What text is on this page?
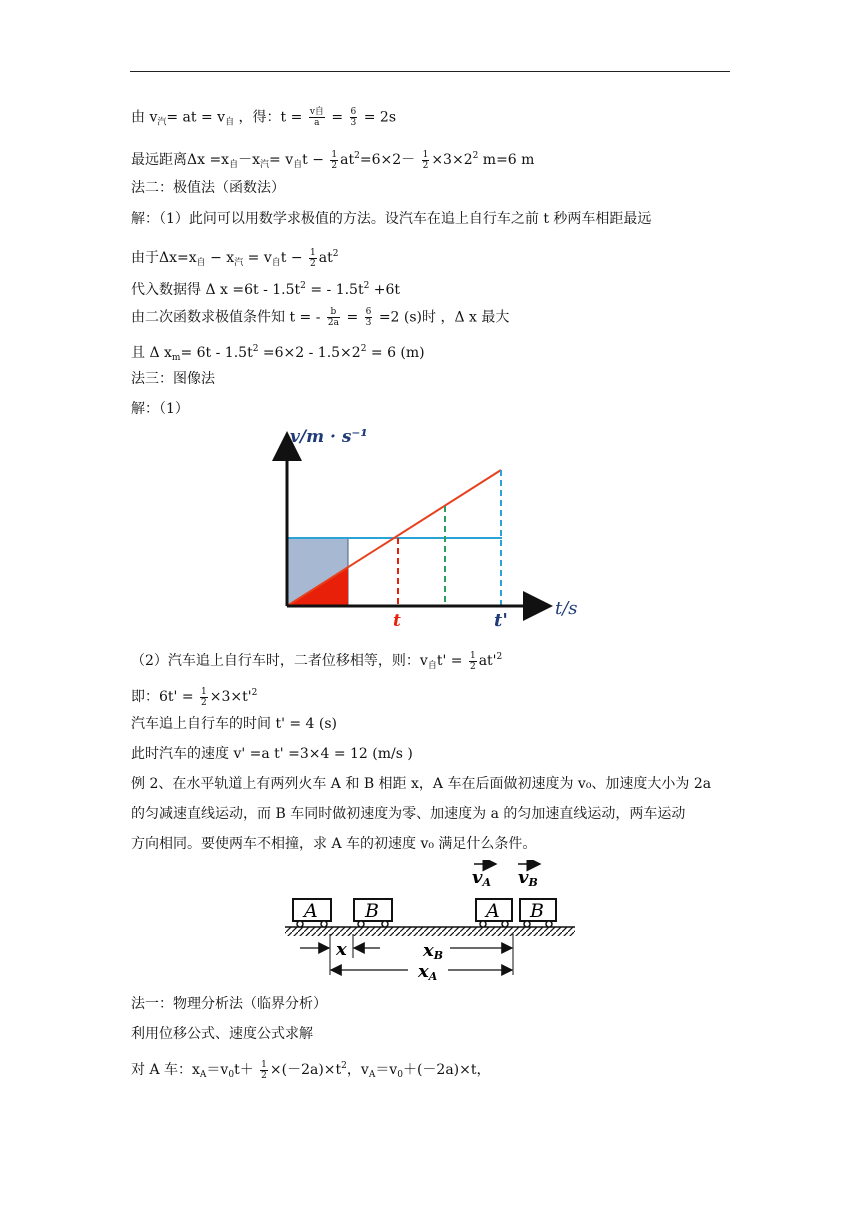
由 $v_汽=$ at = $v_自$ ，得：$t = \frac{\text{v自}}{a} = \frac{6}{3} = 2s$
最远距离$\Delta x =x_自-x_汽= v_自t - \frac{1}{2} at^2=6\times 2- \frac{1}{2} \times 3\times 2^2$ m=6 m
法二：极值法（函数法）
解：（1）此问可以用数学求极值的方法。设汽车在追上自行车之前 t 秒两车相距最远
由于$\Delta x=x_自 - x_汽 = v_自t - \frac{1}{2} at^2$
代入数据得 Δ $x =6t - 1.5t^2$ = - $1.5t^2 +6t$
由二次函数求极值条件知 t = - $\frac{b}{2a} = \frac{6}{3} =2$ (s)时 ，Δ x 最大
且 Δ $x_m= 6t - 1.5t^2 =6\times 2 - 1.5\times 2^2 = 6$ (m)
法三：图像法
解：（1）
v/m · s⁻¹
t/s
t	t'
（2）汽车追上自行车时，二者位移相等，则：$v_自t' = \frac{1}{2} at'^2$
即：$6t' = \frac{1}{2} \times 3\times t'^2$
汽车追上自行车的时间 t' = 4 (s)
此时汽车的速度 v' =a t' =3×4 = 12 (m/s )
例 2、在水平轨道上有两列火车 A 和 B 相距 x，A 车在后面做初速度为 v₀、加速度大小为 2a
的匀减速直线运动，而 B 车同时做初速度为零、加速度为 a 的匀加速直线运动，两车运动
方向相同。要使两车不相撞，求 A 车的初速度 v₀ 满足什么条件。
A B	A B
vA vB
x	xB
xA
法一：物理分析法（临界分析）
利用位移公式、速度公式求解
对 A 车：$x_A=v_0t+ \frac{1}{2} \times(-2a)\times t^2$，$v_A=v_0+(-2a)\times t$，
